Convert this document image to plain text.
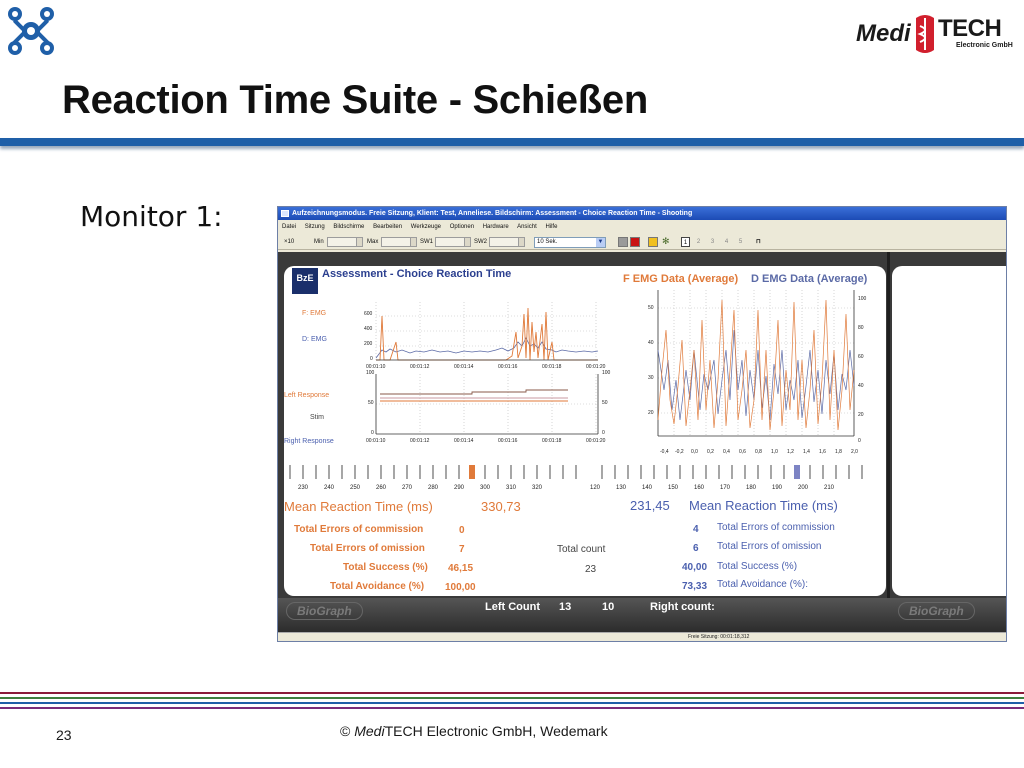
Medi TECH
Electronic GmbH
Reaction Time Suite - Schießen
Monitor 1:	Aufzeichnungsmodus. Freie Sitzung, Klient: Test, Anneliese. Bildschirm: Assessment - Choice Reaction Time - Shooting
Datei Sitzung Bildschirme Bearbeiten Werkzeuge Optionen Hardware Ansicht Hilfe
×10	Min	Max	SW1	SW2	10 Sek.	▼	✻	1	2	3	4	5	⊓
BzE Assessment - Choice Reaction Time	F EMG Data (Average) D EMG Data (Average)
F: EMG
D: EMG
Left Response
Stim
Right Response
600
400
200
0
00:01:10	00:01:12	00:01:14	00:01:16	00:01:18	00:01:20
100
50
0
100
50
0
00:01:10	00:01:12	00:01:14	00:01:16	00:01:18	00:01:20
50
40
30
20
100
80
60
40
20
0
-0,4 -0,2 0,0 0,2 0,4 0,6 0,8 1,0 1,2 1,4 1,6 1,8 2,0
230	240	250	260	270	280	290	300	310	320	120	130	140	150	160	170	180	190	200	210
Mean Reaction Time (ms)	330,73
Total Errors of commission	0
Total Errors of omission	7
Total Success (%) 46,15
Total Avoidance (%) 100,00
Total count
23
231,45 Mean Reaction Time (ms)
4 Total Errors of commission
6 Total Errors of omission
40,00 Total Success (%)
73,33 Total Avoidance (%):
BioGraph	BioGraph
Left Count 13	10	Right count:
Freie Sitzung: 00:01:18,312
23	© MediTECH Electronic GmbH, Wedemark
